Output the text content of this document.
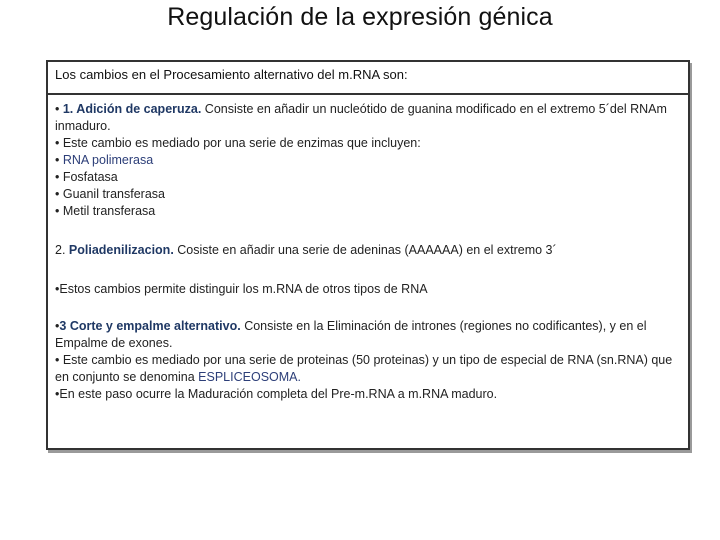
Regulación de la expresión génica
Los cambios en el Procesamiento alternativo del m.RNA son:

• 1. Adición de caperuza. Consiste en añadir un nucleótido de guanina modificado en el extremo 5´del RNAm inmaduro.

• Este cambio es mediado por una serie de enzimas que incluyen:

• RNA polimerasa

• Fosfatasa

• Guanil transferasa

• Metil transferasa

2. Poliadenilizacion. Cosiste en añadir una serie de adeninas (AAAAAA) en el extremo 3´

•Estos cambios permite distinguir los m.RNA de otros tipos de RNA

•3 Corte y empalme alternativo. Consiste en la Eliminación de intrones (regiones no codificantes), y en el Empalme de exones.

• Este cambio es mediado por una serie de proteinas (50 proteinas) y un tipo de especial de RNA (sn.RNA) que en conjunto se denomina ESPLICEOSOMA.

•En este paso ocurre la Maduración completa del Pre-m.RNA a m.RNA maduro.
